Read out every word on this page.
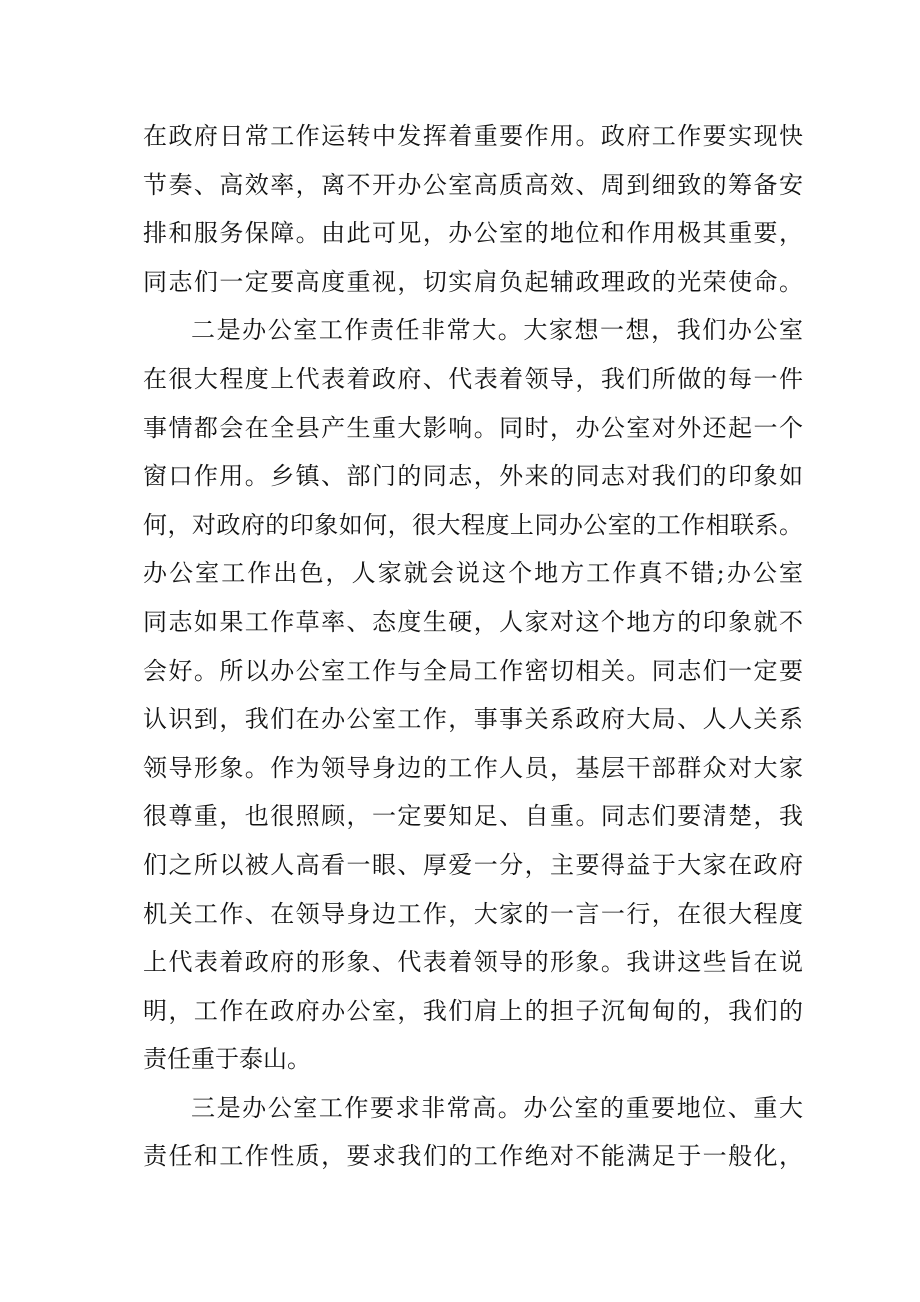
在政府日常工作运转中发挥着重要作用。政府工作要实现快
节奏、高效率，离不开办公室高质高效、周到细致的筹备安
排和服务保障。由此可见，办公室的地位和作用极其重要，
同志们一定要高度重视，切实肩负起辅政理政的光荣使命。
二是办公室工作责任非常大。大家想一想，我们办公室
在很大程度上代表着政府、代表着领导，我们所做的每一件
事情都会在全县产生重大影响。同时，办公室对外还起一个
窗口作用。乡镇、部门的同志，外来的同志对我们的印象如
何，对政府的印象如何，很大程度上同办公室的工作相联系。
办公室工作出色，人家就会说这个地方工作真不错;办公室
同志如果工作草率、态度生硬，人家对这个地方的印象就不
会好。所以办公室工作与全局工作密切相关。同志们一定要
认识到，我们在办公室工作，事事关系政府大局、人人关系
领导形象。作为领导身边的工作人员，基层干部群众对大家
很尊重，也很照顾，一定要知足、自重。同志们要清楚，我
们之所以被人高看一眼、厚爱一分，主要得益于大家在政府
机关工作、在领导身边工作，大家的一言一行，在很大程度
上代表着政府的形象、代表着领导的形象。我讲这些旨在说
明，工作在政府办公室，我们肩上的担子沉甸甸的，我们的
责任重于泰山。
三是办公室工作要求非常高。办公室的重要地位、重大
责任和工作性质，要求我们的工作绝对不能满足于一般化，
